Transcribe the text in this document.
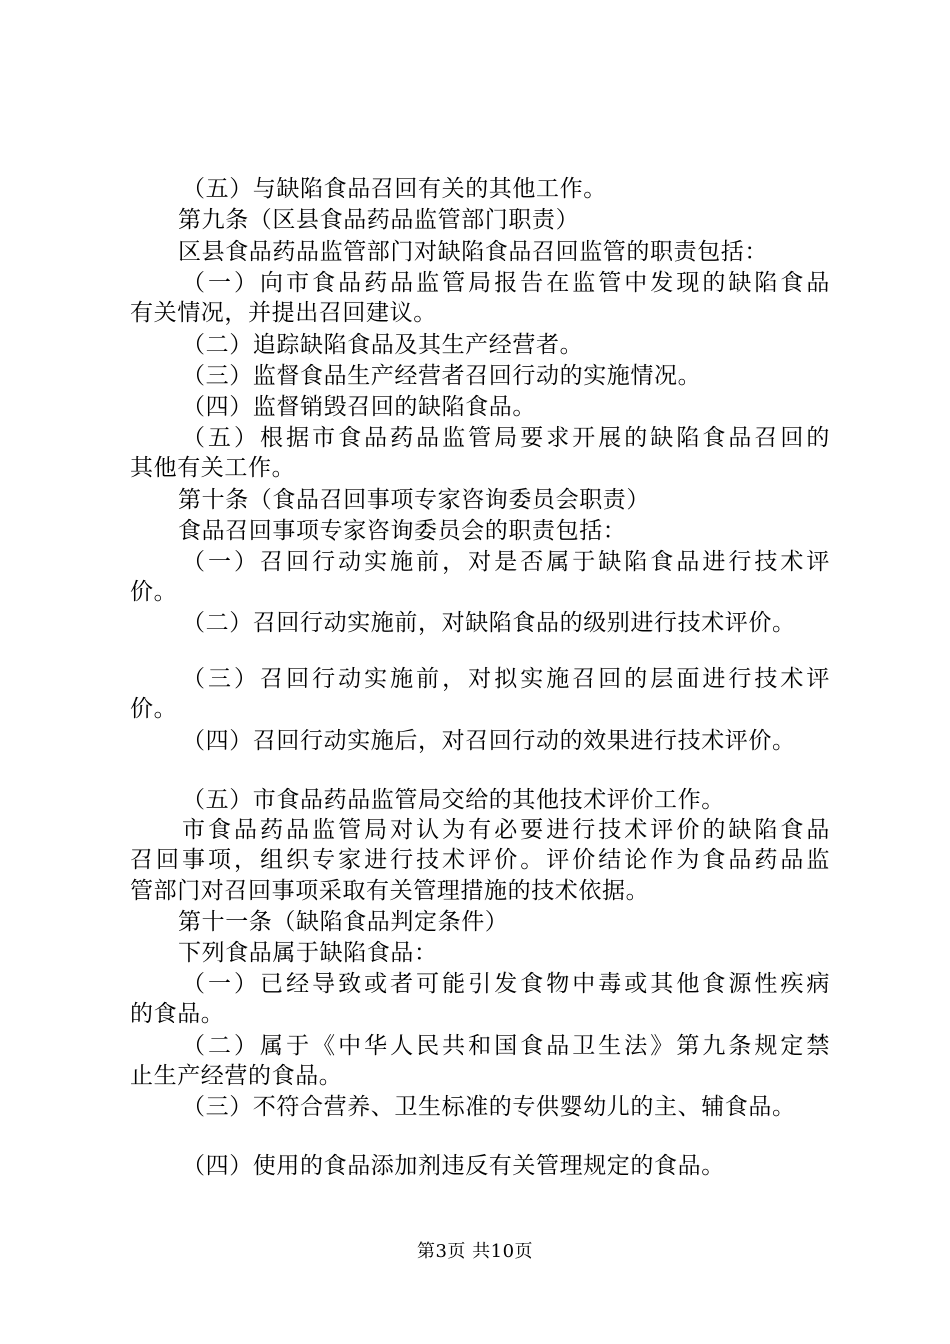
（五）与缺陷食品召回有关的其他工作。
第九条（区县食品药品监管部门职责）
区县食品药品监管部门对缺陷食品召回监管的职责包括：
（一）向市食品药品监管局报告在监管中发现的缺陷食品
有关情况，并提出召回建议。
（二）追踪缺陷食品及其生产经营者。
（三）监督食品生产经营者召回行动的实施情况。
（四）监督销毁召回的缺陷食品。
（五）根据市食品药品监管局要求开展的缺陷食品召回的
其他有关工作。
第十条（食品召回事项专家咨询委员会职责）
食品召回事项专家咨询委员会的职责包括：
（一）召回行动实施前，对是否属于缺陷食品进行技术评
价。
（二）召回行动实施前，对缺陷食品的级别进行技术评价。
（三）召回行动实施前，对拟实施召回的层面进行技术评
价。
（四）召回行动实施后，对召回行动的效果进行技术评价。
（五）市食品药品监管局交给的其他技术评价工作。
市食品药品监管局对认为有必要进行技术评价的缺陷食品
召回事项，组织专家进行技术评价。评价结论作为食品药品监
管部门对召回事项采取有关管理措施的技术依据。
第十一条（缺陷食品判定条件）
下列食品属于缺陷食品：
（一）已经导致或者可能引发食物中毒或其他食源性疾病
的食品。
（二）属于《中华人民共和国食品卫生法》第九条规定禁
止生产经营的食品。
（三）不符合营养、卫生标准的专供婴幼儿的主、辅食品。
（四）使用的食品添加剂违反有关管理规定的食品。
第3页 共10页
